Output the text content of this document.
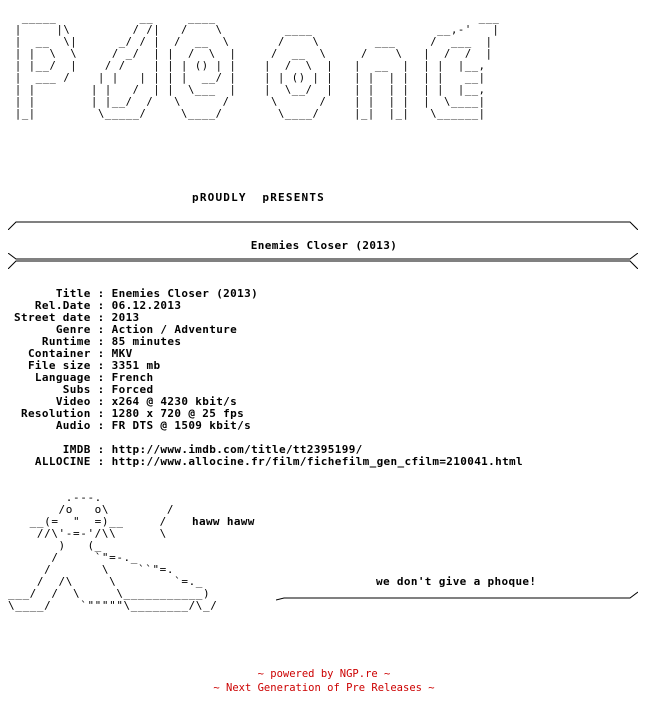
_____            __     ____                                      ___
|     |\         / /|   /    \         ____                  __,-'   |
|  __  \|      _/ / |  /  __  \       /    \        ___     /  ___  |
| |  \  \     / _/  | |  /  \  |     /  __  \     /    \   |  /  /  |
| |__/  |    / /    | | | () | |    |  /  \  |   |  __  |  | |  |__,
|  ___ /    | |   | | | |  __/ |    | | () | |   | |  | |  | |   __|
| |        | |   /  | |  \___  |    |  \__/  |   | |  | |  | |  |__,
| |        | |__/  /   \      /      \      /    | |  | |  |  \____|
|_|         \_____/     \____/        \____/     |_|  |_|   \______|
pROUDLY  pRESENTS
Enemies Closer (2013)
Title : Enemies Closer (2013)
Rel.Date : 06.12.2013
Street date : 2013
Genre : Action / Adventure
Runtime : 85 minutes
Container : MKV
File size : 3351 mb
Language : French
Subs : Forced
Video : x264 @ 4230 kbit/s
Resolution : 1280 x 720 @ 25 fps
Audio : FR DTS @ 1509 kbit/s

IMDB : http://www.imdb.com/title/tt2395199/
ALLOCINE : http://www.allocine.fr/film/fichefilm_gen_cfilm=210041.html

.---.
/o   o\        /
__(=  "  =)__     /
//\'-=-'/\\      \
)   (_
/     `"=-._
/       \    ``"=.
/  /\     \        `=._
___/  /  \     \___________)
\____/    `"""""\________/\_/
haww haww
we don't give a phoque!
~ powered by NGP.re ~
~ Next Generation of Pre Releases ~
